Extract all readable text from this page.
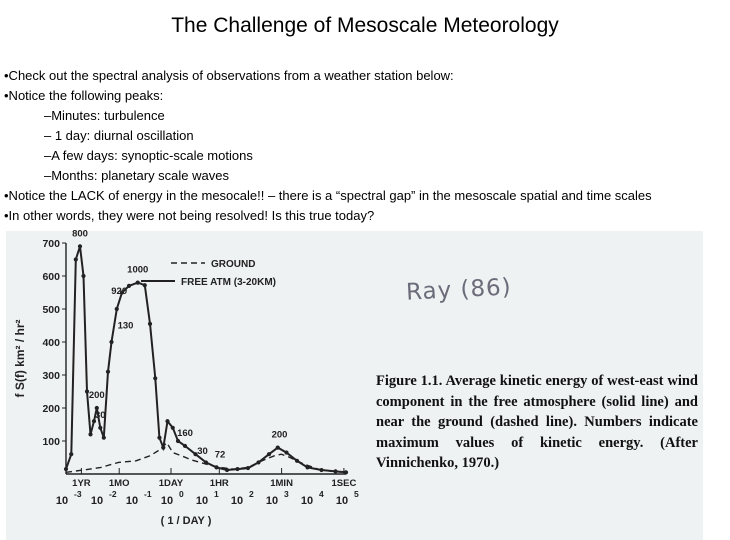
The Challenge of Mesoscale Meteorology
•Check out the spectral analysis of observations from a weather station below:
•Notice the following peaks:
–Minutes: turbulence
– 1 day: diurnal oscillation
–A few days: synoptic-scale motions
–Months: planetary scale waves
•Notice the LACK of energy in the mesocale!! – there is a “spectral gap” in the mesoscale spatial and time scales
•In other words, they were not being resolved! Is this true today?
100
200
300
400
500
600
700
f S(f) km² / hr²
1YR 1MO	1DAY	1HR	1MIN	1SEC
10
-3
10
-2
10
-1
10
0
10
1
10
2
10
3
10
4
10
5
( 1 / DAY )
GROUND
FREE ATM (3-20KM)
800
1000
920
130
200
30
160
72
30
200
Ray (86)
Figure 1.1. Average kinetic energy of west-east wind component in the free atmosphere (solid line) and near the ground (dashed line). Numbers indicate maximum values of kinetic energy. (After Vinnichenko, 1970.)
